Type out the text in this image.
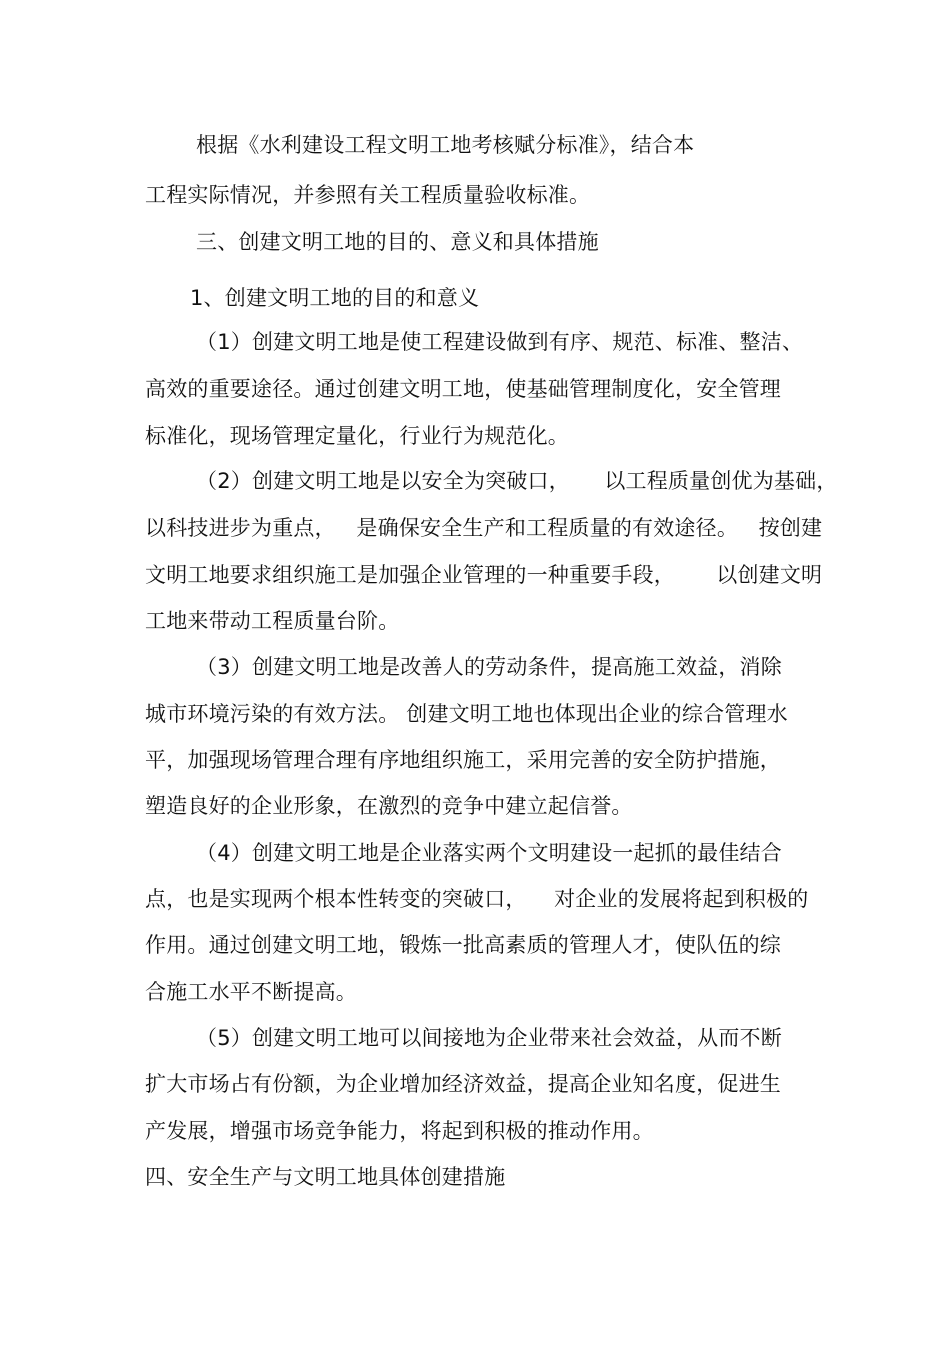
根据《水利建设工程文明工地考核赋分标准》，结合本
工程实际情况，并参照有关工程质量验收标准。
三、创建文明工地的目的、意义和具体措施
1、创建文明工地的目的和意义
（1）创建文明工地是使工程建设做到有序、规范、标准、整洁、
高效的重要途径。通过创建文明工地，使基础管理制度化，安全管理
标准化，现场管理定量化，行业行为规范化。
（2）创建文明工地是以安全为突破口，     以工程质量创优为基础，
以科技进步为重点，   是确保安全生产和工程质量的有效途径。   按创建
文明工地要求组织施工是加强企业管理的一种重要手段，      以创建文明
工地来带动工程质量台阶。
（3）创建文明工地是改善人的劳动条件，提高施工效益，消除
城市环境污染的有效方法。 创建文明工地也体现出企业的综合管理水
平，加强现场管理合理有序地组织施工，采用完善的安全防护措施，
塑造良好的企业形象，在激烈的竞争中建立起信誉。
（4）创建文明工地是企业落实两个文明建设一起抓的最佳结合
点，也是实现两个根本性转变的突破口，    对企业的发展将起到积极的
作用。通过创建文明工地，锻炼一批高素质的管理人才，使队伍的综
合施工水平不断提高。
（5）创建文明工地可以间接地为企业带来社会效益，从而不断
扩大市场占有份额，为企业增加经济效益，提高企业知名度，促进生
产发展，增强市场竞争能力，将起到积极的推动作用。
四、安全生产与文明工地具体创建措施
